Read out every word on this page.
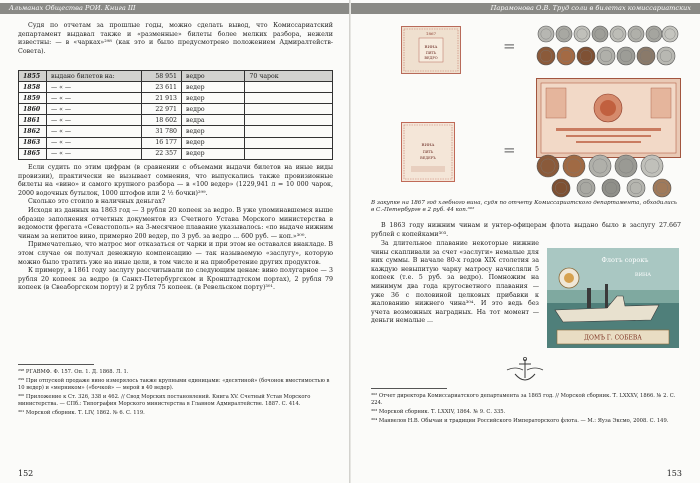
Альманах Общества РОИ. Книга III

Судя по отчетам за прошлые годы, можно сделать вывод, что Комиссариатский департамент выдавал также и «разменные» билеты более мелких разбора, нежели известны: — в «чарках»²⁹⁸ (как это и было предусмотрено положением Адмиралтейств-Совета).

1855	выдано билетов на:	58 951	ведро	70 чарок
1858	— « —	23 611	ведер	
1859	— « —	21 913	ведер	
1860	— « —	22 971	ведро	
1861	— « —	18 602	ведра	
1862	— « —	31 780	ведер	
1863	— « —	16 177	ведер	
1865	— « —	22 357	ведер	

Если судить по этим цифрам (в сравнении с объемами выдачи билетов на иные виды провизии), практически не вызывает сомнения, что выпускались также провизионные билеты на «вино» и самого крупного разбора — в «100 ведер» (1229,941 л = 10 000 чарок, 2000 водочных бутылок, 1000 штофов или 2 ½ бочки)²⁹⁹.

Сколько это стоило в наличных деньгах?

Исходя из данных на 1863 год — 3 рубля 20 копеек за ведро. В уже упоминавшемся выше образце заполнения отчетных документов из Счетного Устава Морского министерства в ведомости фрегата «Севастополь» на 3-месячное плавание указывалось: «по выдаче нижним чинам за непитое вино, примерно 200 ведер, по 3 руб. за ведро ... 600 руб. — коп.»³⁰⁰.

Примечательно, что матрос мог отказаться от чарки и при этом не оставался внакладе. В этом случае он получал денежную компенсацию — так называемую «заслугу», которую можно было тратить уже на иные цели, в том числе и на приобретение других продуктов.

К примеру, в 1861 году заслугу рассчитывали по следующим ценам: вино полугарное — 3 рубля 20 копеек за ведро (в Санкт-Петербургском и Кронштадтском портах), 2 рубля 79 копеек (в Свеаборгском порту) и 2 рубля 75 копеек. (в Ревельском порту)³⁰¹.

²⁹⁸ РГАВМФ. Ф. 157. Оп. 1. Д. 1868. Л. 1.

²⁹⁹ При отпуской продаже вино измерялось также крупными единицами: «десятиной» (бочонок вместимостью в 10 ведер) и «мерником» («бочкой» — мерой в 40 ведер).

³⁰⁰ Приложение к Ст. 326, 338 и 462. // Свод Морских постановлений. Книга XV. Счетный Устав Морского министерства. — СПб.: Типография Морского министерства в Главном Адмиралтействе. 1887. С. 414.

³⁰¹ Морской сборник. Т. LIV, 1862. № 6. С. 119.

152
Парамонова О.В. Труд соли в билетах комиссариатских
1867
ВИНА
ПЯТЬ
ВЕДРО
=
ВИНА
ПЯТЬ
ВЕДЕРЪ	=
В закупке на 1867 год хлебного вина, судя по отчету Комиссариатского департамента, обходились в С.-Петербурге в 2 руб. 44 коп.³⁰²

В 1863 году нижним чинам и унтер-офицерам флота выдано было в заслугу 27.667 рублей с копейками³⁰³.

За длительное плавание некоторые нижние чины скапливали за счет «заслуги» немалые для них суммы. В начале 80-х годов XIX столетия за каждую невыпитую чарку матросу начисляли 5 копеек (т.е. 5 руб. за ведро). Помножим на минимум два года кругосветного плавания — уже 36 с половиной целковых прибавки к жалованию нижнего чина³⁰⁴. И это ведь без учета возможных наградных. На тот момент — деньги немалые ...

ДОМЪ Г. СОБЕВА
Флотъ сорокъ
ВИНА

³⁰² Отчет директора Комиссариатского департамента за 1865 год. // Морской сборник. Т. LXXXV, 1866. № 2. С. 224.

³⁰³ Морской сборник. Т. LXXIV, 1864. № 9. С. 335.

³⁰⁴ Манвелов Н.В. Обычаи и традиции Российского Императорского флота. — М.: Яуза Эксмо, 2008. С. 149.

153
